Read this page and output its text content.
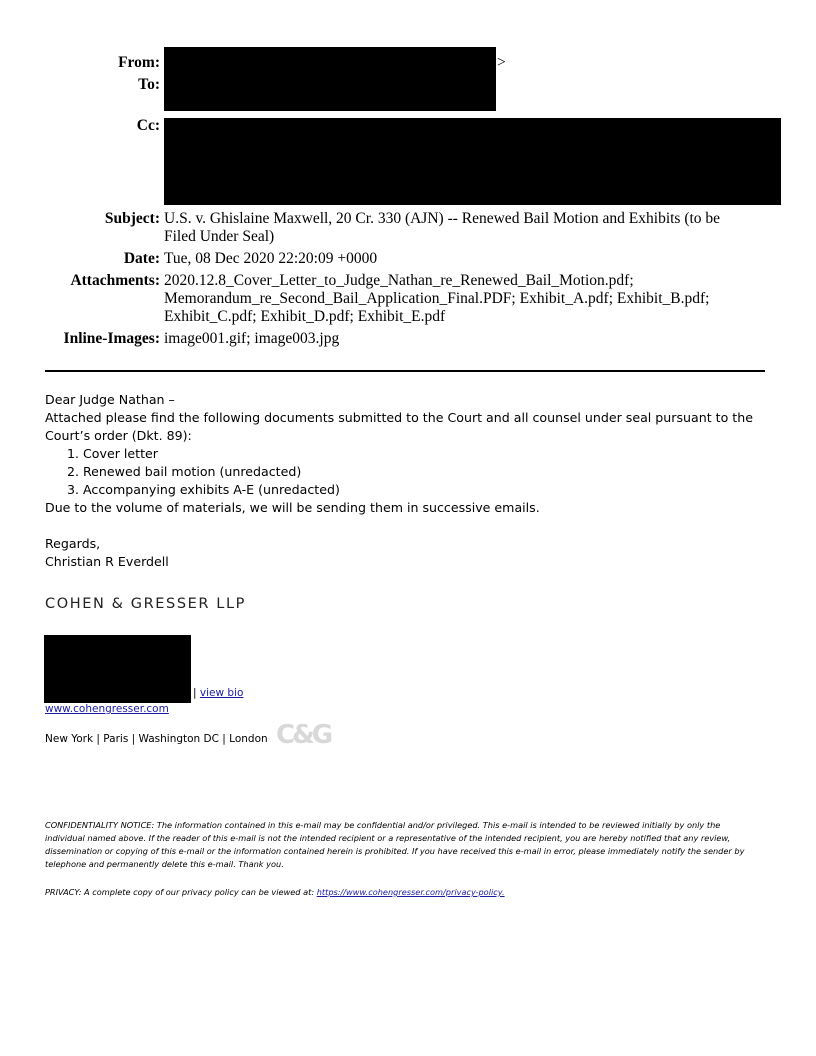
From:	>
To:
Cc:
Subject: U.S. v. Ghislaine Maxwell, 20 Cr. 330 (AJN) -- Renewed Bail Motion and Exhibits (to be Filed Under Seal)
Date: Tue, 08 Dec 2020 22:20:09 +0000
Attachments: 2020.12.8_Cover_Letter_to_Judge_Nathan_re_Renewed_Bail_Motion.pdf; Memorandum_re_Second_Bail_Application_Final.PDF; Exhibit_A.pdf; Exhibit_B.pdf; Exhibit_C.pdf; Exhibit_D.pdf; Exhibit_E.pdf
Inline-Images: image001.gif; image003.jpg
Dear Judge Nathan –
Attached please find the following documents submitted to the Court and all counsel under seal pursuant to the Court’s order (Dkt. 89):
1. Cover letter
2. Renewed bail motion (unredacted)
3. Accompanying exhibits A-E (unredacted)
Due to the volume of materials, we will be sending them in successive emails.
Regards,
Christian R Everdell
COHEN & GRESSER LLP
| view bio
www.cohengresser.com
New York | Paris | Washington DC | London C&G
CONFIDENTIALITY NOTICE: The information contained in this e-mail may be confidential and/or privileged. This e-mail is intended to be reviewed initially by only the individual named above. If the reader of this e-mail is not the intended recipient or a representative of the intended recipient, you are hereby notified that any review, dissemination or copying of this e-mail or the information contained herein is prohibited. If you have received this e-mail in error, please immediately notify the sender by telephone and permanently delete this e-mail. Thank you.
PRIVACY: A complete copy of our privacy policy can be viewed at: https://www.cohengresser.com/privacy-policy.
